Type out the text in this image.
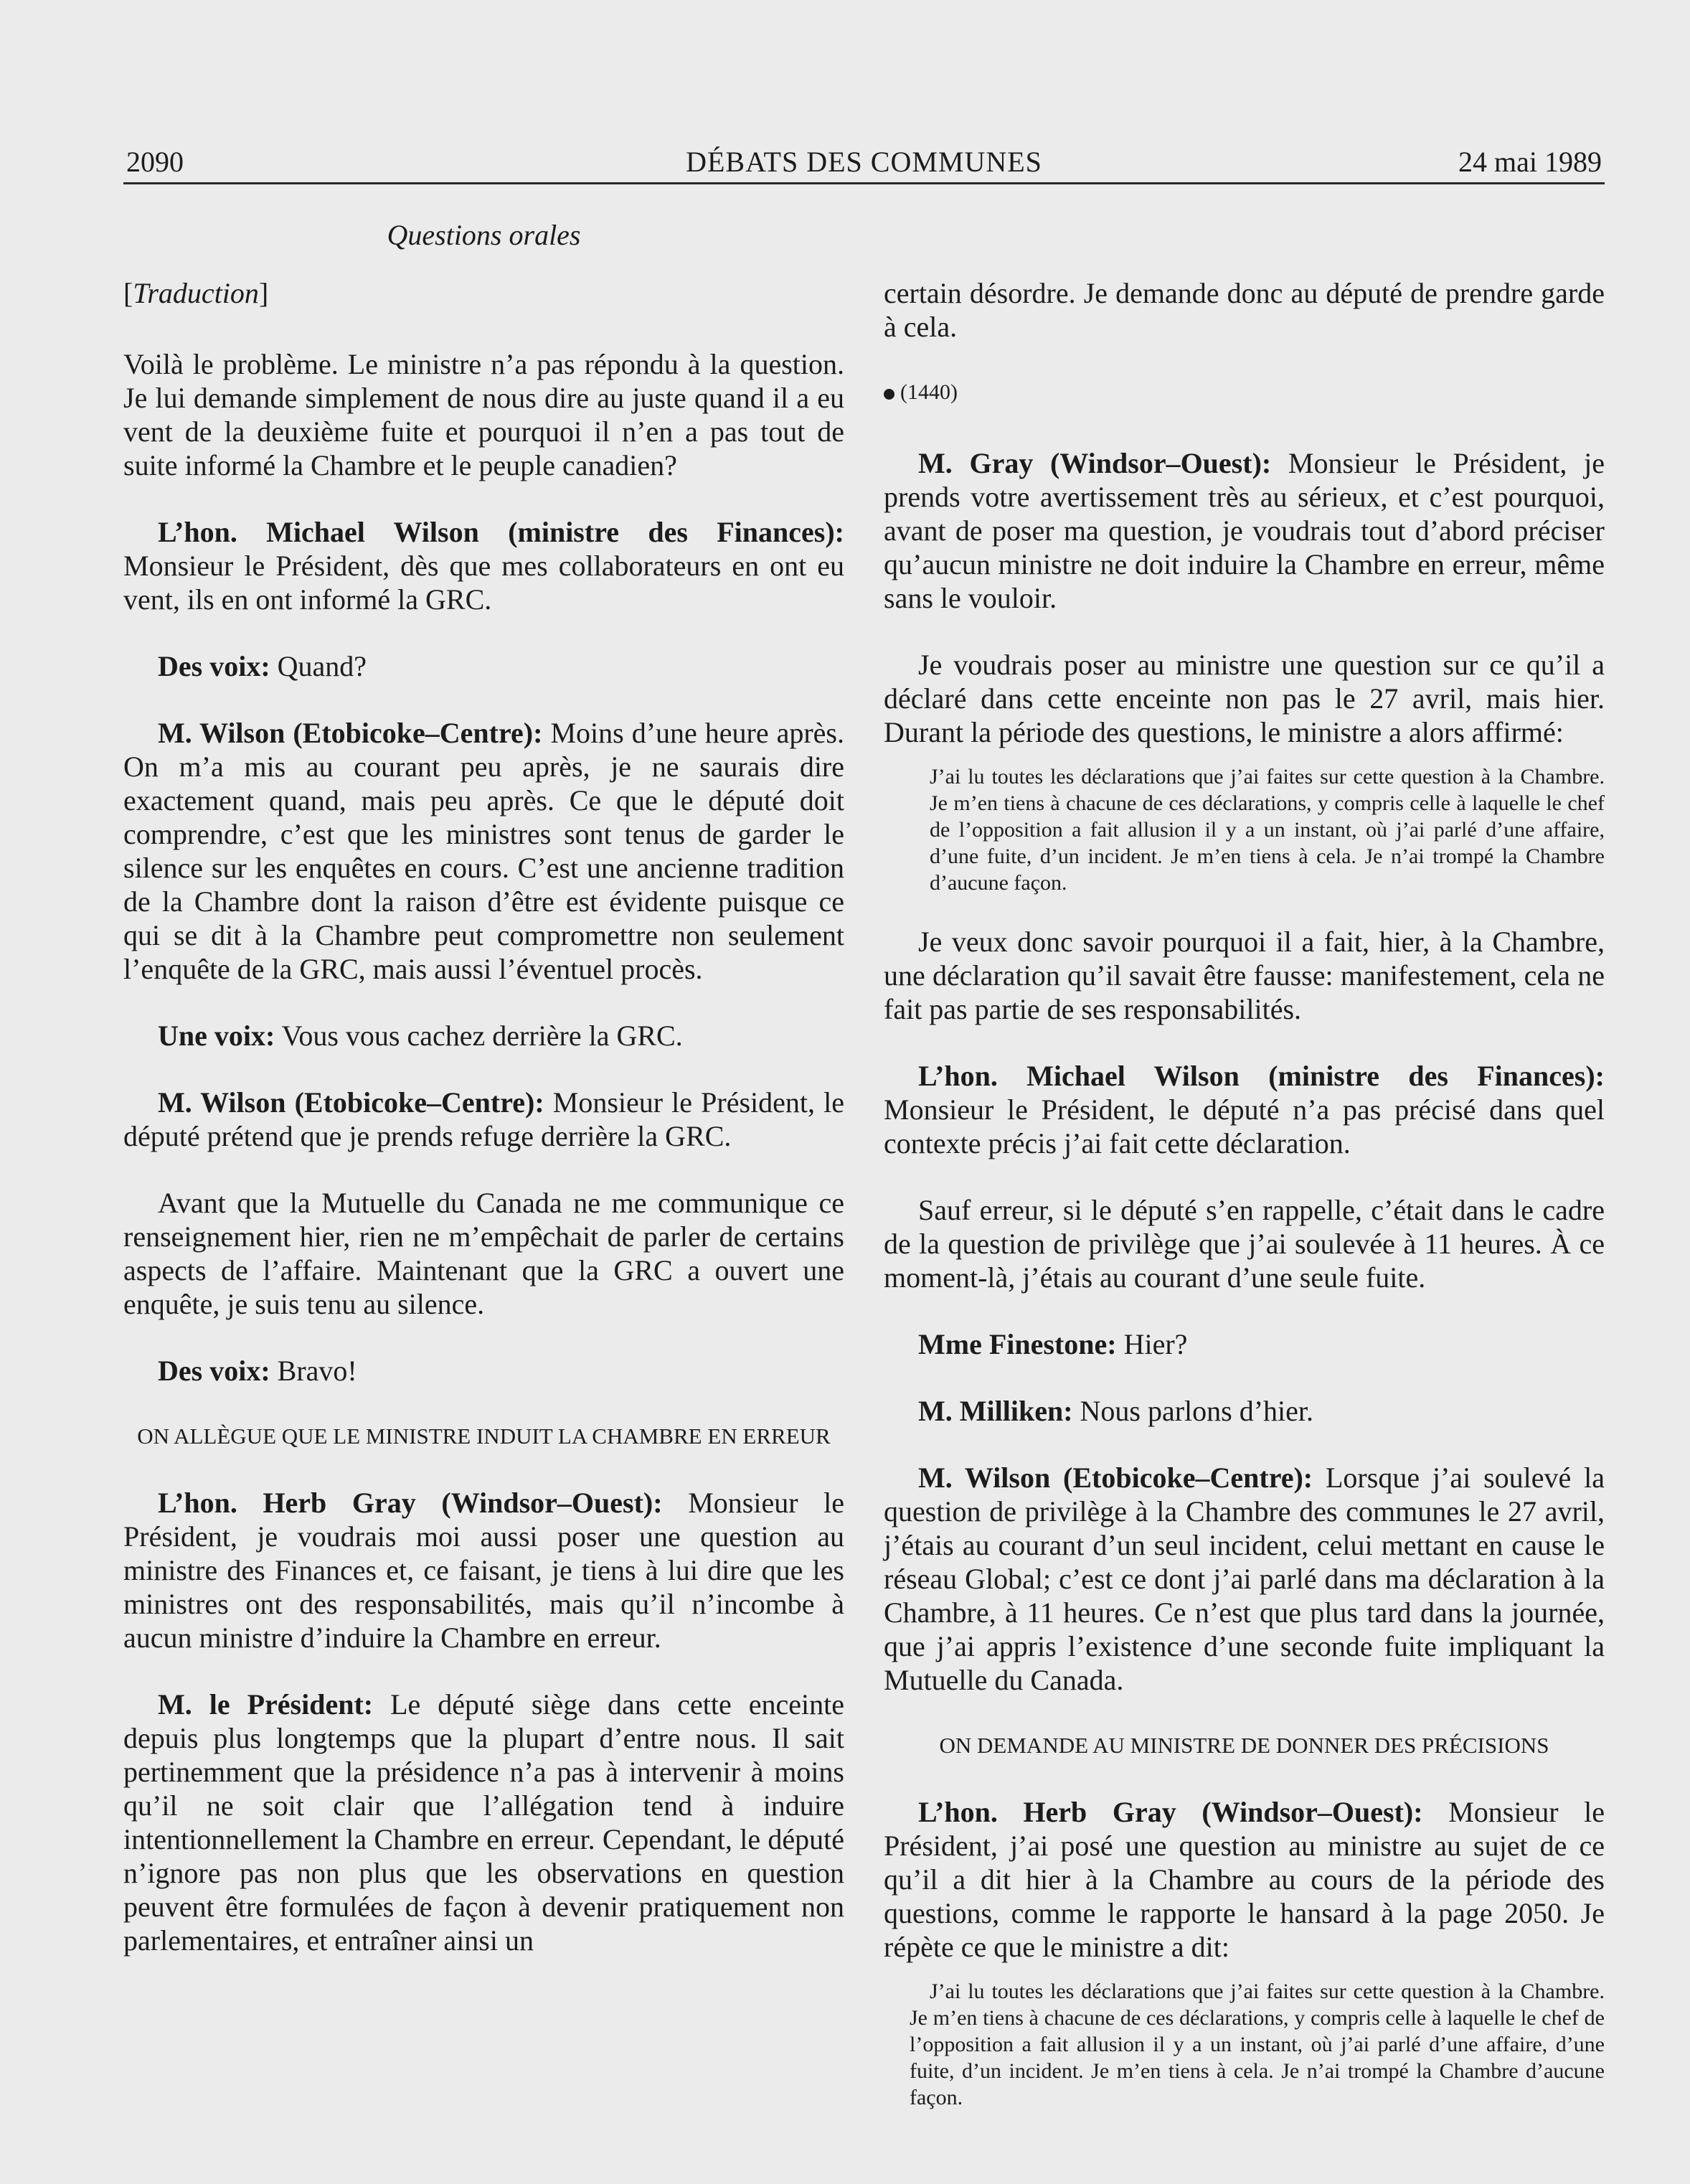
2090	DÉBATS DES COMMUNES	24 mai 1989
Questions orales

[Traduction]

Voilà le problème. Le ministre n’a pas répondu à la question. Je lui demande simplement de nous dire au juste quand il a eu vent de la deuxième fuite et pourquoi il n’en a pas tout de suite informé la Chambre et le peuple canadien?

L’hon. Michael Wilson (ministre des Finances): Monsieur le Président, dès que mes collaborateurs en ont eu vent, ils en ont informé la GRC.

Des voix: Quand?

M. Wilson (Etobicoke–Centre): Moins d’une heure après. On m’a mis au courant peu après, je ne saurais dire exactement quand, mais peu après. Ce que le député doit comprendre, c’est que les ministres sont tenus de garder le silence sur les enquêtes en cours. C’est une ancienne tradition de la Chambre dont la raison d’être est évidente puisque ce qui se dit à la Chambre peut compromettre non seulement l’enquête de la GRC, mais aussi l’éventuel procès.

Une voix: Vous vous cachez derrière la GRC.

M. Wilson (Etobicoke–Centre): Monsieur le Président, le député prétend que je prends refuge derrière la GRC.

Avant que la Mutuelle du Canada ne me communique ce renseignement hier, rien ne m’empêchait de parler de certains aspects de l’affaire. Maintenant que la GRC a ouvert une enquête, je suis tenu au silence.

Des voix: Bravo!

ON ALLÈGUE QUE LE MINISTRE INDUIT LA CHAMBRE EN ERREUR

L’hon. Herb Gray (Windsor–Ouest): Monsieur le Président, je voudrais moi aussi poser une question au ministre des Finances et, ce faisant, je tiens à lui dire que les ministres ont des responsabilités, mais qu’il n’incombe à aucun ministre d’induire la Chambre en erreur.

M. le Président: Le député siège dans cette enceinte depuis plus longtemps que la plupart d’entre nous. Il sait pertinemment que la présidence n’a pas à intervenir à moins qu’il ne soit clair que l’allégation tend à induire intentionnellement la Chambre en erreur. Cependant, le député n’ignore pas non plus que les observations en question peuvent être formulées de façon à devenir pratiquement non parlementaires, et entraîner ainsi un

certain désordre. Je demande donc au député de prendre garde à cela.

(1440)

M. Gray (Windsor–Ouest): Monsieur le Président, je prends votre avertissement très au sérieux, et c’est pourquoi, avant de poser ma question, je voudrais tout d’abord préciser qu’aucun ministre ne doit induire la Chambre en erreur, même sans le vouloir.

Je voudrais poser au ministre une question sur ce qu’il a déclaré dans cette enceinte non pas le 27 avril, mais hier. Durant la période des questions, le ministre a alors affirmé:

J’ai lu toutes les déclarations que j’ai faites sur cette question à la Chambre. Je m’en tiens à chacune de ces déclarations, y compris celle à laquelle le chef de l’opposition a fait allusion il y a un instant, où j’ai parlé d’une affaire, d’une fuite, d’un incident. Je m’en tiens à cela. Je n’ai trompé la Chambre d’aucune façon.

Je veux donc savoir pourquoi il a fait, hier, à la Chambre, une déclaration qu’il savait être fausse: manifestement, cela ne fait pas partie de ses responsabilités.

L’hon. Michael Wilson (ministre des Finances): Monsieur le Président, le député n’a pas précisé dans quel contexte précis j’ai fait cette déclaration.

Sauf erreur, si le député s’en rappelle, c’était dans le cadre de la question de privilège que j’ai soulevée à 11 heures. À ce moment-là, j’étais au courant d’une seule fuite.

Mme Finestone: Hier?

M. Milliken: Nous parlons d’hier.

M. Wilson (Etobicoke–Centre): Lorsque j’ai soulevé la question de privilège à la Chambre des communes le 27 avril, j’étais au courant d’un seul incident, celui mettant en cause le réseau Global; c’est ce dont j’ai parlé dans ma déclaration à la Chambre, à 11 heures. Ce n’est que plus tard dans la journée, que j’ai appris l’existence d’une seconde fuite impliquant la Mutuelle du Canada.

ON DEMANDE AU MINISTRE DE DONNER DES PRÉCISIONS

L’hon. Herb Gray (Windsor–Ouest): Monsieur le Président, j’ai posé une question au ministre au sujet de ce qu’il a dit hier à la Chambre au cours de la période des questions, comme le rapporte le hansard à la page 2050. Je répète ce que le ministre a dit:

J’ai lu toutes les déclarations que j’ai faites sur cette question à la Chambre. Je m’en tiens à chacune de ces déclarations, y compris celle à laquelle le chef de l’opposition a fait allusion il y a un instant, où j’ai parlé d’une affaire, d’une fuite, d’un incident. Je m’en tiens à cela. Je n’ai trompé la Chambre d’aucune façon.
